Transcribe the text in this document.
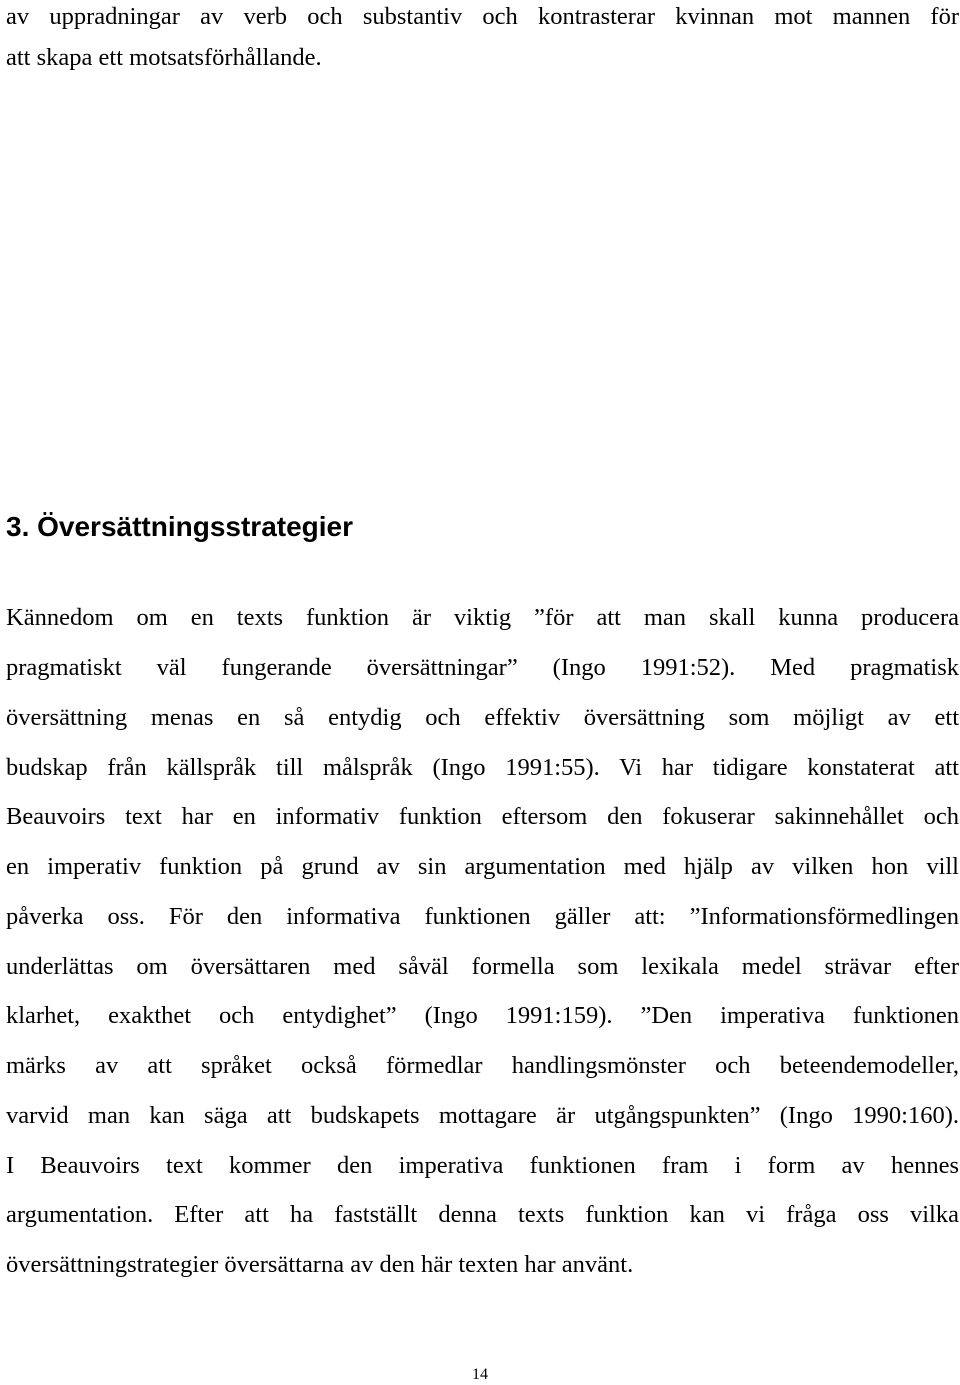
av uppradningar av verb och substantiv och kontrasterar kvinnan mot mannen för
att skapa ett motsatsförhållande.
3. Översättningsstrategier
Kännedom om en texts funktion är viktig ”för att man skall kunna producera
pragmatiskt väl fungerande översättningar” (Ingo 1991:52). Med pragmatisk
översättning menas en så entydig och effektiv översättning som möjligt av ett
budskap från källspråk till målspråk (Ingo 1991:55). Vi har tidigare konstaterat att
Beauvoirs text har en informativ funktion eftersom den fokuserar sakinnehållet och
en imperativ funktion på grund av sin argumentation med hjälp av vilken hon vill
påverka oss. För den informativa funktionen gäller att: ”Informationsförmedlingen
underlättas om översättaren med såväl formella som lexikala medel strävar efter
klarhet, exakthet och entydighet” (Ingo 1991:159). ”Den imperativa funktionen
märks av att språket också förmedlar handlingsmönster och beteendemodeller,
varvid man kan säga att budskapets mottagare är utgångspunkten” (Ingo 1990:160).
I Beauvoirs text kommer den imperativa funktionen fram i form av hennes
argumentation. Efter att ha fastställt denna texts funktion kan vi fråga oss vilka
översättningstrategier översättarna av den här texten har använt.
14
